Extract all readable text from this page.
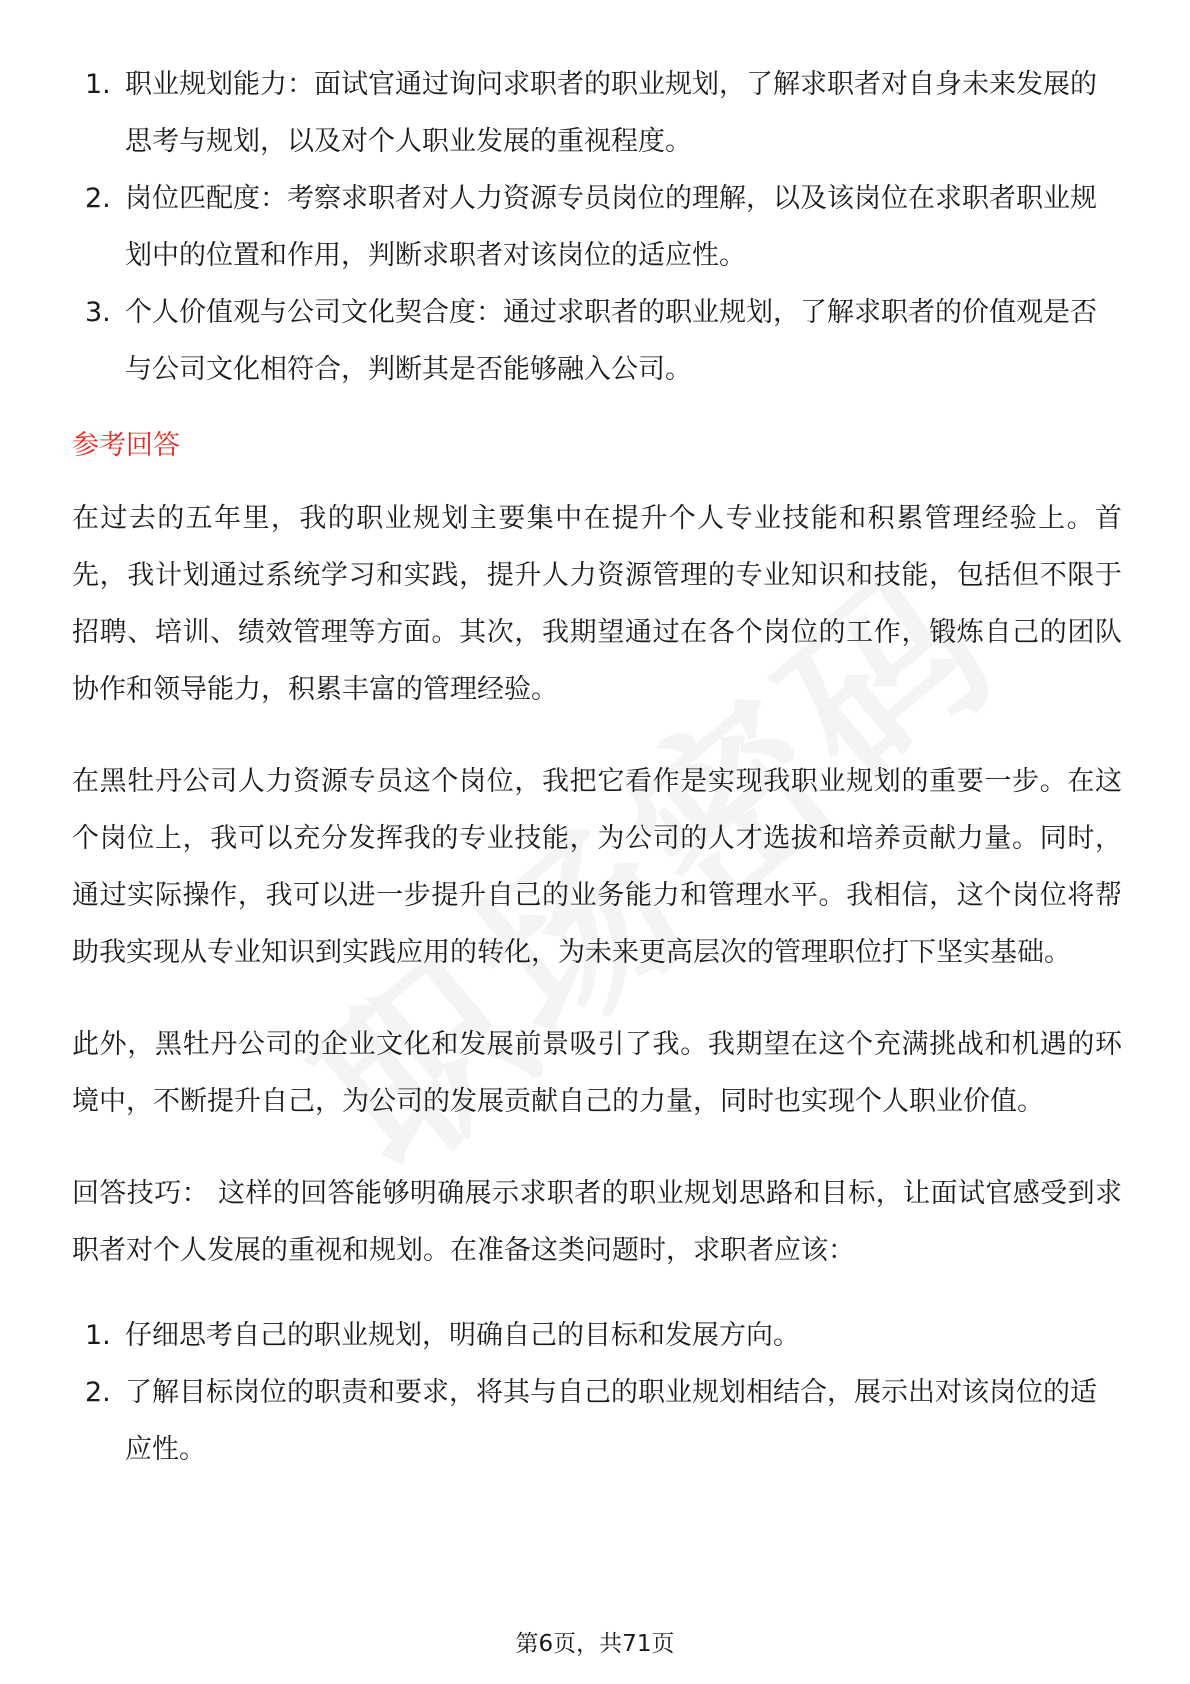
1. 职业规划能力：面试官通过询问求职者的职业规划，了解求职者对自身未来发展的思考与规划，以及对个人职业发展的重视程度。
2. 岗位匹配度：考察求职者对人力资源专员岗位的理解，以及该岗位在求职者职业规划中的位置和作用，判断求职者对该岗位的适应性。
3. 个人价值观与公司文化契合度：通过求职者的职业规划，了解求职者的价值观是否与公司文化相符合，判断其是否能够融入公司。
参考回答

在过去的五年里，我的职业规划主要集中在提升个人专业技能和积累管理经验上。首先，我计划通过系统学习和实践，提升人力资源管理的专业知识和技能，包括但不限于招聘、培训、绩效管理等方面。其次，我期望通过在各个岗位的工作，锻炼自己的团队协作和领导能力，积累丰富的管理经验。

在黑牡丹公司人力资源专员这个岗位，我把它看作是实现我职业规划的重要一步。在这个岗位上，我可以充分发挥我的专业技能，为公司的人才选拔和培养贡献力量。同时，通过实际操作，我可以进一步提升自己的业务能力和管理水平。我相信，这个岗位将帮助我实现从专业知识到实践应用的转化，为未来更高层次的管理职位打下坚实基础。

此外，黑牡丹公司的企业文化和发展前景吸引了我。我期望在这个充满挑战和机遇的环境中，不断提升自己，为公司的发展贡献自己的力量，同时也实现个人职业价值。

回答技巧： 这样的回答能够明确展示求职者的职业规划思路和目标，让面试官感受到求职者对个人发展的重视和规划。在准备这类问题时，求职者应该：

1. 仔细思考自己的职业规划，明确自己的目标和发展方向。
2. 了解目标岗位的职责和要求，将其与自己的职业规划相结合，展示出对该岗位的适应性。
第6页，共71页
